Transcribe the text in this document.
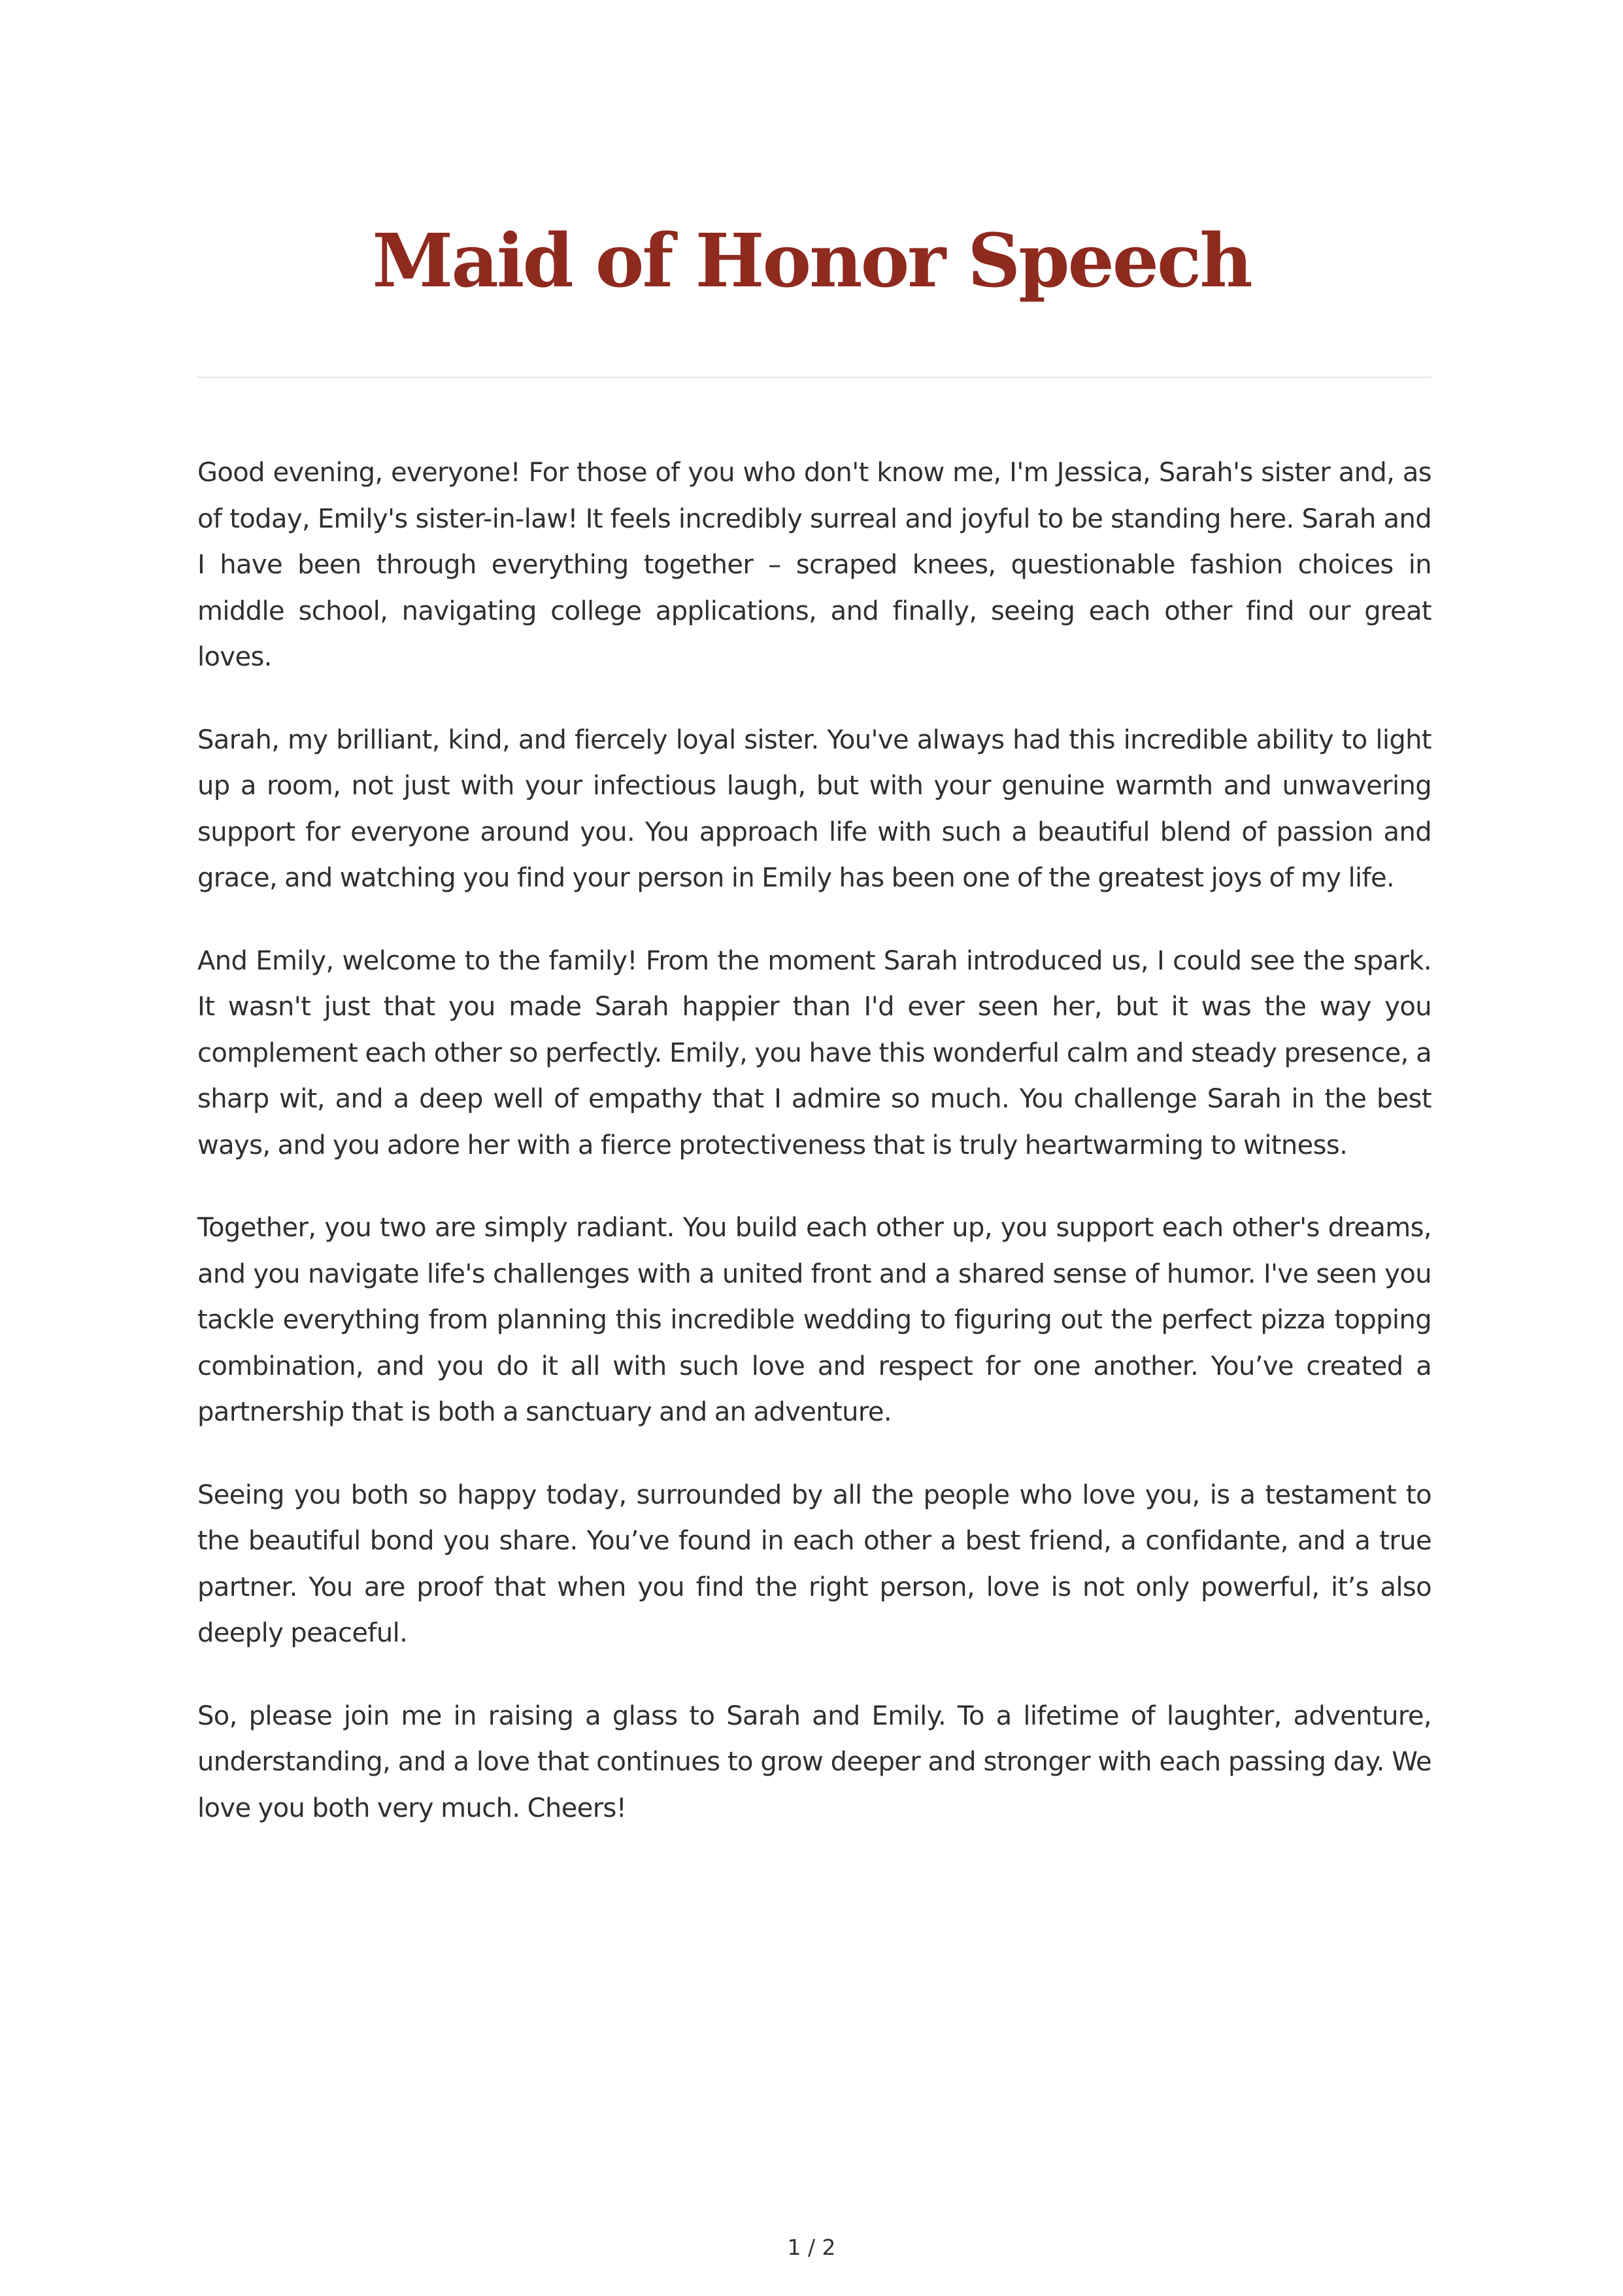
Maid of Honor Speech

Good evening, everyone! For those of you who don't know me, I'm Jessica, Sarah's sister and, as of today, Emily's sister-in-law! It feels incredibly surreal and joyful to be standing here. Sarah and I have been through everything together – scraped knees, questionable fashion choices in middle school, navigating college applications, and finally, seeing each other find our great loves.

Sarah, my brilliant, kind, and fiercely loyal sister. You've always had this incredible ability to light up a room, not just with your infectious laugh, but with your genuine warmth and unwavering support for everyone around you. You approach life with such a beautiful blend of passion and grace, and watching you find your person in Emily has been one of the greatest joys of my life.

And Emily, welcome to the family! From the moment Sarah introduced us, I could see the spark. It wasn't just that you made Sarah happier than I'd ever seen her, but it was the way you complement each other so perfectly. Emily, you have this wonderful calm and steady presence, a sharp wit, and a deep well of empathy that I admire so much. You challenge Sarah in the best ways, and you adore her with a fierce protectiveness that is truly heartwarming to witness.

Together, you two are simply radiant. You build each other up, you support each other's dreams, and you navigate life's challenges with a united front and a shared sense of humor. I've seen you tackle everything from planning this incredible wedding to figuring out the perfect pizza topping combination, and you do it all with such love and respect for one another. You’ve created a partnership that is both a sanctuary and an adventure.

Seeing you both so happy today, surrounded by all the people who love you, is a testament to the beautiful bond you share. You’ve found in each other a best friend, a confidante, and a true partner. You are proof that when you find the right person, love is not only powerful, it’s also deeply peaceful.

So, please join me in raising a glass to Sarah and Emily. To a lifetime of laughter, adventure, understanding, and a love that continues to grow deeper and stronger with each passing day. We love you both very much. Cheers!

1 / 2
